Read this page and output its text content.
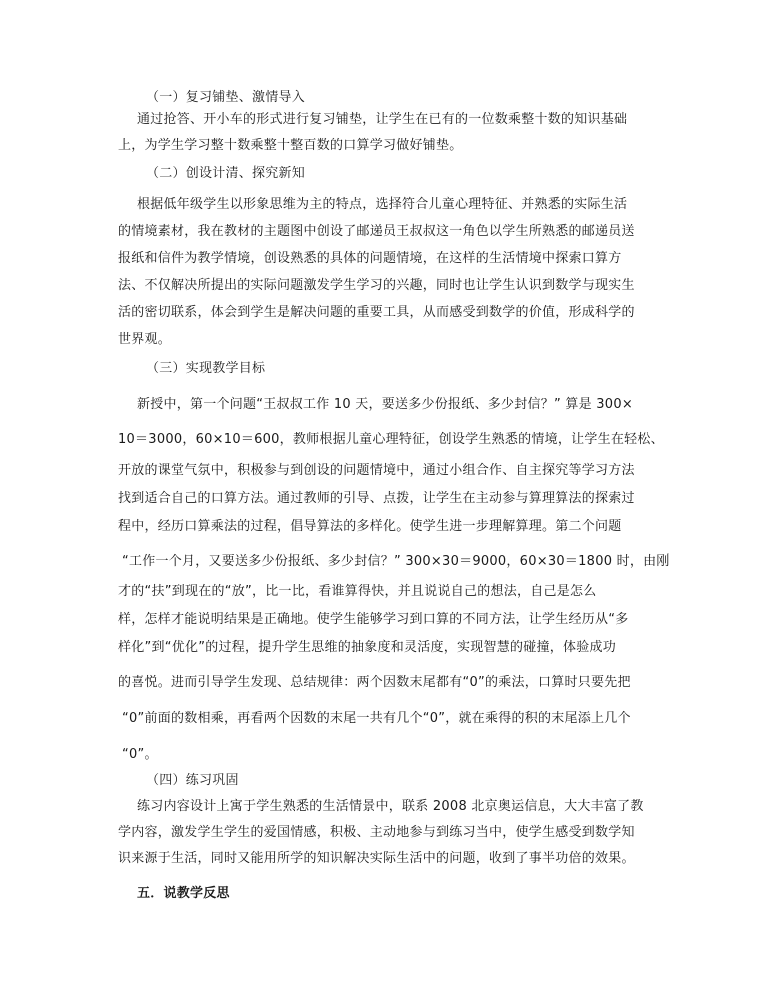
（一）复习铺垫、激情导入
通过抢答、开小车的形式进行复习铺垫，让学生在已有的一位数乘整十数的知识基础
上，为学生学习整十数乘整十整百数的口算学习做好铺垫。
（二）创设计清、探究新知
根据低年级学生以形象思维为主的特点，选择符合儿童心理特征、并熟悉的实际生活
的情境素材，我在教材的主题图中创设了邮递员王叔叔这一角色以学生所熟悉的邮递员送
报纸和信件为教学情境，创设熟悉的具体的问题情境，在这样的生活情境中探索口算方
法、不仅解决所提出的实际问题激发学生学习的兴趣，同时也让学生认识到数学与现实生
活的密切联系，体会到学生是解决问题的重要工具，从而感受到数学的价值，形成科学的
世界观。
（三）实现教学目标
新授中，第一个问题“王叔叔工作 10 天，要送多少份报纸、多少封信？” 算是 300×
10＝3000，60×10＝600，教师根据儿童心理特征，创设学生熟悉的情境，让学生在轻松、
开放的课堂气氛中，积极参与到创设的问题情境中，通过小组合作、自主探究等学习方法
找到适合自己的口算方法。通过教师的引导、点拨，让学生在主动参与算理算法的探索过
程中，经历口算乘法的过程，倡导算法的多样化。使学生进一步理解算理。第二个问题
“工作一个月，又要送多少份报纸、多少封信？” 300×30＝9000，60×30＝1800 时，由刚
才的“扶”到现在的“放”，比一比，看谁算得快，并且说说自己的想法，自己是怎么
样，怎样才能说明结果是正确地。使学生能够学习到口算的不同方法，让学生经历从“多
样化”到“优化”的过程，提升学生思维的抽象度和灵活度，实现智慧的碰撞，体验成功
的喜悦。进而引导学生发现、总结规律：两个因数末尾都有“0”的乘法，口算时只要先把
“0”前面的数相乘，再看两个因数的末尾一共有几个“0”，就在乘得的积的末尾添上几个
“0”。
（四）练习巩固
练习内容设计上寓于学生熟悉的生活情景中，联系 2008 北京奥运信息，大大丰富了教
学内容，激发学生学生的爱国情感，积极、主动地参与到练习当中，使学生感受到数学知
识来源于生活，同时又能用所学的知识解决实际生活中的问题，收到了事半功倍的效果。
五．说教学反思
